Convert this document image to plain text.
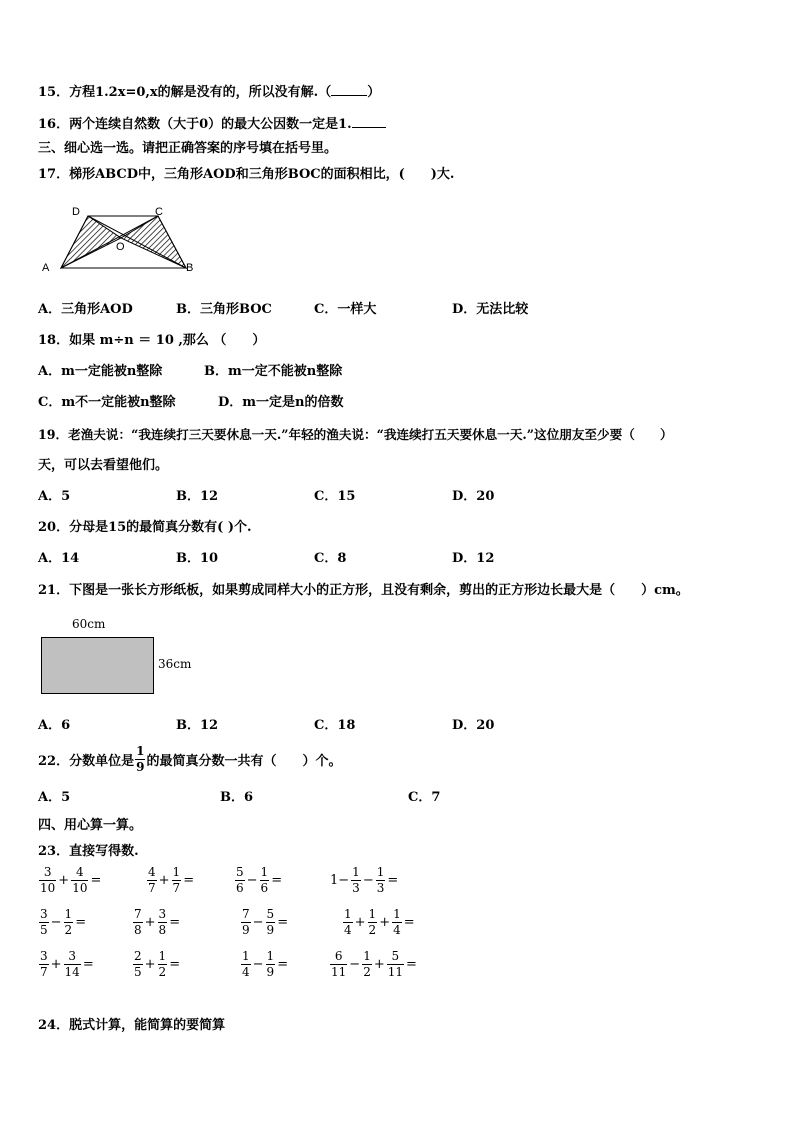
15．方程1.2x=0,x的解是没有的，所以没有解.（	）
16．两个连续自然数（大于0）的最大公因数一定是1.
三、细心选一选。请把正确答案的序号填在括号里。
17．梯形ABCD中，三角形AOD和三角形BOC的面积相比，(　　)大.
D	C
O
A	B
A．三角形AOD	B．三角形BOC	C．一样大	D．无法比较
18．如果 m÷n ＝ 10 ,那么 （　　）
A．m一定能被n整除	B．m一定不能被n整除
C．m不一定能被n整除	D．m一定是n的倍数
19．老渔夫说：“我连续打三天要休息一天.”年轻的渔夫说：“我连续打五天要休息一天.”这位朋友至少要（　　）
天，可以去看望他们。
A．5	B．12	C．15	D．20
20．分母是15的最简真分数有( )个.
A．14	B．10	C．8	D．12
21．下图是一张长方形纸板，如果剪成同样大小的正方形，且没有剩余，剪出的正方形边长最大是（　　）cm。
60cm
36cm
A．6	B．12	C．18	D．20
22．分数单位是 $\frac{1}{9}$ 的最简真分数一共有（　　）个。
A．5	B．6	C．7
四、用心算一算。
23．直接写得数.
$\frac{3}{10} + \frac{4}{10}$ =	$\frac{4}{7} + \frac{1}{7}$ =	$\frac{5}{6} - \frac{1}{6}$ =	$1- \frac{1}{3} - \frac{1}{3}$ =
$\frac{3}{5} - \frac{1}{2}$ =	$\frac{7}{8} + \frac{3}{8}$ =	$\frac{7}{9} - \frac{5}{9}$ =	$\frac{1}{4} + \frac{1}{2} + \frac{1}{4}$ =
$\frac{3}{7} + \frac{3}{14}$ =	$\frac{2}{5} + \frac{1}{2}$ =	$\frac{1}{4} - \frac{1}{9}$ =	$\frac{6}{11} - \frac{1}{2} + \frac{5}{11}$ =
24．脱式计算，能简算的要简算
